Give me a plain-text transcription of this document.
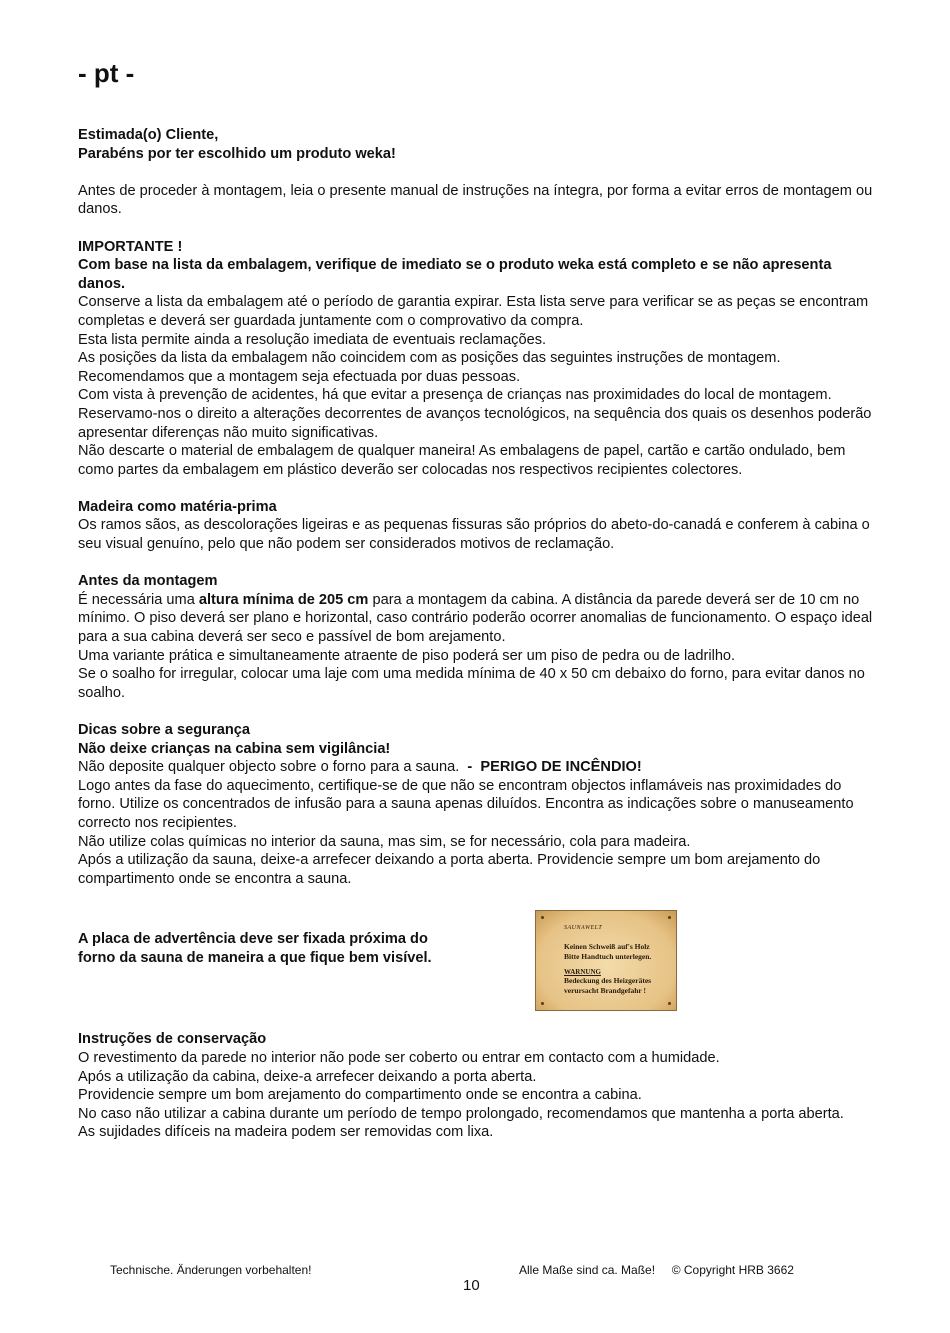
- pt -

Estimada(o) Cliente,

Parabéns por ter escolhido um produto weka!

Antes de proceder à montagem, leia o presente manual de instruções na íntegra, por forma a evitar erros de montagem ou danos.

IMPORTANTE !

Com base na lista da embalagem, verifique de imediato se o produto weka está completo e se não apresenta danos.

Conserve a lista da embalagem até o período de garantia expirar. Esta lista serve para verificar se as peças se encontram completas e deverá ser guardada juntamente com o comprovativo da compra.

Esta lista permite ainda a resolução imediata de eventuais reclamações.

As posições da lista da embalagem não coincidem com as posições das seguintes instruções de montagem.

Recomendamos que a montagem seja efectuada por duas pessoas.

Com vista à prevenção de acidentes, há que evitar a presença de crianças nas proximidades do local de montagem.

Reservamo-nos o direito a alterações decorrentes de avanços tecnológicos, na sequência dos quais os desenhos poderão apresentar diferenças não muito significativas.

Não descarte o material de embalagem de qualquer maneira! As embalagens de papel, cartão e cartão ondulado, bem como partes da embalagem em plástico deverão ser colocadas nos respectivos recipientes colectores.

Madeira como matéria-prima

Os ramos sãos, as descolorações ligeiras e as pequenas fissuras são próprios do abeto-do-canadá e conferem à cabina o seu visual genuíno, pelo que não podem ser considerados motivos de reclamação.

Antes da montagem

É necessária uma altura mínima de 205 cm para a montagem da cabina. A distância da parede deverá ser de 10 cm no mínimo. O piso deverá ser plano e horizontal, caso contrário poderão ocorrer anomalias de funcionamento. O espaço ideal para a sua cabina deverá ser seco e passível de bom arejamento.

Uma variante prática e simultaneamente atraente de piso poderá ser um piso de pedra ou de ladrilho.

Se o soalho for irregular, colocar uma laje com uma medida mínima de 40 x 50 cm debaixo do forno, para evitar danos no soalho.

Dicas sobre a segurança

Não deixe crianças na cabina sem vigilância!

Não deposite qualquer objecto sobre o forno para a sauna.  -  PERIGO DE INCÊNDIO!

Logo antes da fase do aquecimento, certifique-se de que não se encontram objectos inflamáveis nas proximidades do forno. Utilize os concentrados de infusão para a sauna apenas diluídos. Encontra as indicações sobre o manuseamento correcto nos recipientes.

Não utilize colas químicas no interior da sauna, mas sim, se for necessário, cola para madeira.

Após a utilização da sauna, deixe-a arrefecer deixando a porta aberta. Providencie sempre um bom arejamento do compartimento onde se encontra a sauna.

A placa de advertência deve ser fixada próxima do forno da sauna de maneira a que fique bem visível.

SAUNAWELT
Keinen Schweiß auf's Holz
Bitte Handtuch unterlegen.
WARNUNG
Bedeckung des Heizgerätes
verursacht Brandgefahr !

Instruções de conservação

O revestimento da parede no interior não pode ser coberto ou entrar em contacto com a humidade.

Após a utilização da cabina, deixe-a arrefecer deixando a porta aberta.

Providencie sempre um bom arejamento do compartimento onde se encontra a cabina.

No caso não utilizar a cabina durante um período de tempo prolongado, recomendamos que mantenha a porta aberta.

As sujidades difíceis na madeira podem ser removidas com lixa.

Technische. Änderungen vorbehalten!	Alle Maße sind ca. Maße!     © Copyright HRB 3662
10
